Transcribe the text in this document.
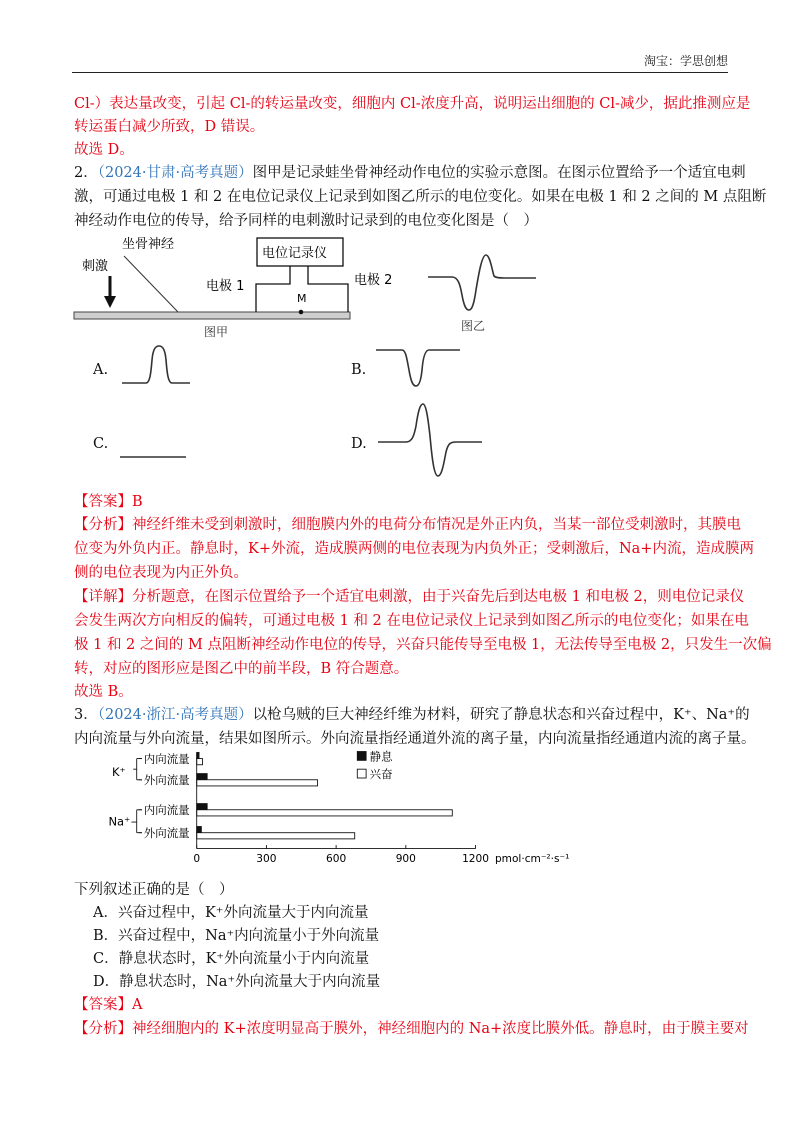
淘宝：学思创想
Cl-）表达量改变，引起 Cl-的转运量改变，细胞内 Cl-浓度升高，说明运出细胞的 Cl-减少，据此推测应是
转运蛋白减少所致，D 错误。
故选 D。
2．（2024·甘肃·高考真题）图甲是记录蛙坐骨神经动作电位的实验示意图。在图示位置给予一个适宜电刺
激，可通过电极 1 和 2 在电位记录仪上记录到如图乙所示的电位变化。如果在电极 1 和 2 之间的 M 点阻断
神经动作电位的传导，给予同样的电刺激时记录到的电位变化图是（　）
坐骨神经
刺激
电位记录仪
电极 1	电极 2
M
图甲	图乙
A.	B.
C.	D.
【答案】B
【分析】神经纤维未受到刺激时，细胞膜内外的电荷分布情况是外正内负，当某一部位受刺激时，其膜电
位变为外负内正。静息时，K+外流，造成膜两侧的电位表现为内负外正；受刺激后，Na+内流，造成膜两
侧的电位表现为内正外负。
【详解】分析题意，在图示位置给予一个适宜电刺激，由于兴奋先后到达电极 1 和电极 2，则电位记录仪
会发生两次方向相反的偏转，可通过电极 1 和 2 在电位记录仪上记录到如图乙所示的电位变化；如果在电
极 1 和 2 之间的 M 点阻断神经动作电位的传导，兴奋只能传导至电极 1，无法传导至电极 2，只发生一次偏
转，对应的图形应是图乙中的前半段，B 符合题意。
故选 B。
3．（2024·浙江·高考真题）以枪乌贼的巨大神经纤维为材料，研究了静息状态和兴奋过程中，K⁺、Na⁺的
内向流量与外向流量，结果如图所示。外向流量指经通道外流的离子量，内向流量指经通道内流的离子量。
K⁺
Na⁺
内向流量
外向流量
内向流量
外向流量
0	300	600	900	1200 pmol·cm⁻²·s⁻¹
静息
兴奋
下列叙述正确的是（　）
A．兴奋过程中，K⁺外向流量大于内向流量
B．兴奋过程中，Na⁺内向流量小于外向流量
C．静息状态时，K⁺外向流量小于内向流量
D．静息状态时，Na⁺外向流量大于内向流量
【答案】A
【分析】神经细胞内的 K+浓度明显高于膜外，神经细胞内的 Na+浓度比膜外低。静息时，由于膜主要对
